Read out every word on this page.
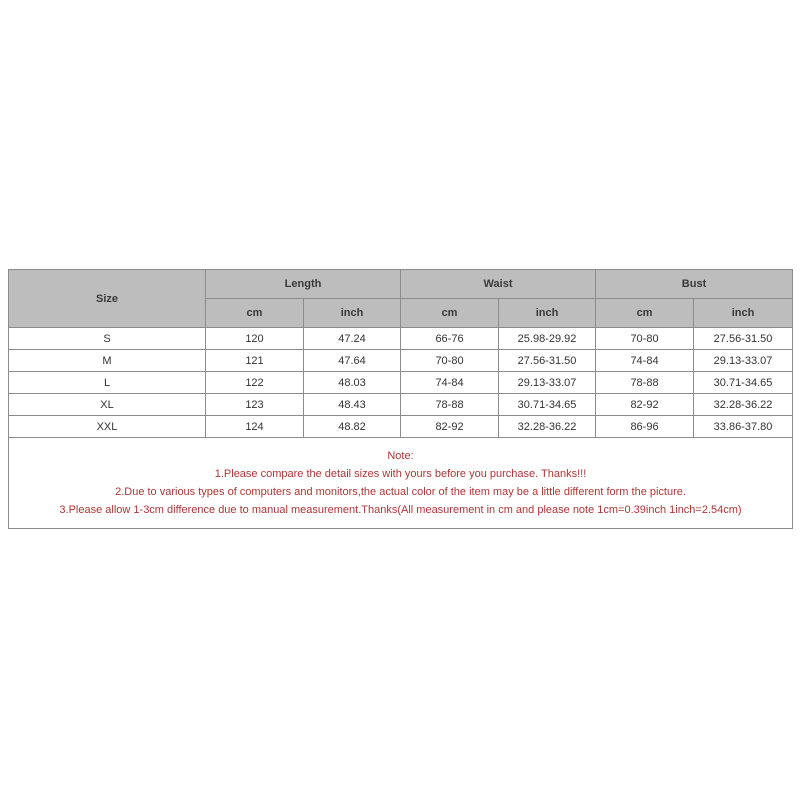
Size	Length		Waist		Bust	
	cm	inch	cm	inch	cm	inch
S	120	47.24	66-76	25.98-29.92	70-80	27.56-31.50
M	121	47.64	70-80	27.56-31.50	74-84	29.13-33.07
L	122	48.03	74-84	29.13-33.07	78-88	30.71-34.65
XL	123	48.43	78-88	30.71-34.65	82-92	32.28-36.22
XXL	124	48.82	82-92	32.28-36.22	86-96	33.86-37.80

Note:
1.Please compare the detail sizes with yours before you purchase. Thanks!!!
2.Due to various types of computers and monitors,the actual color of the item may be a little different form the picture.
3.Please allow 1-3cm difference due to manual measurement.Thanks(All measurement in cm and please note 1cm=0.39inch 1inch=2.54cm)						
